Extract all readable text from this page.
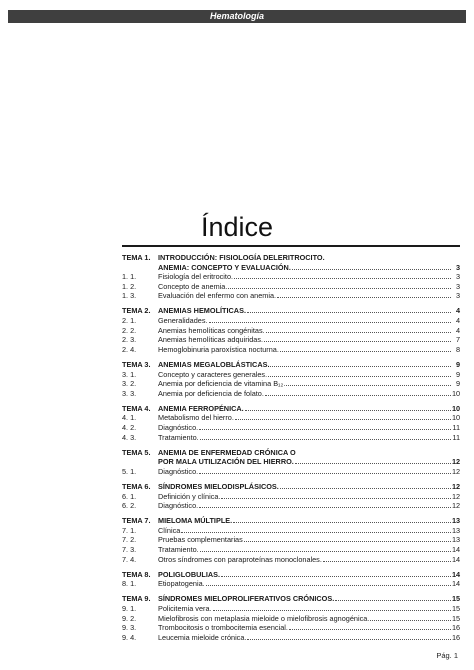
Hematología
Índice
TEMA 1.	INTRODUCCIÓN: FISIOLOGÍA DELERITROCITO.
ANEMIA: CONCEPTO Y EVALUACIÓN.	3
1. 1.	Fisiología del eritrocito.	3
1. 2.	Concepto de anemia.	3
1. 3.	Evaluación del enfermo con anemia.	3
TEMA 2.	ANEMIAS HEMOLÍTICAS.	4
2. 1.	Generalidades.	4
2. 2.	Anemias hemolíticas congénitas.	4
2. 3.	Anemias hemolíticas adquiridas.	7
2. 4.	Hemoglobinuria paroxística nocturna.	8
TEMA 3.	ANEMIAS MEGALOBLÁSTICAS.	9
3. 1.	Concepto y caracteres generales.	9
3. 2.	Anemia por deficiencia de vitamina B₁₂.	9
3. 3.	Anemia por deficiencia de folato.	10
TEMA 4.	ANEMIA FERROPÉNICA.	10
4. 1.	Metabolismo del hierro.	10
4. 2.	Diagnóstico.	11
4. 3.	Tratamiento.	11
TEMA 5.	ANEMIA DE ENFERMEDAD CRÓNICA O
POR MALA UTILIZACIÓN DEL HIERRO.	12
5. 1.	Diagnóstico.	12
TEMA 6.	SÍNDROMES MIELODISPLÁSICOS.	12
6. 1.	Definición y clínica.	12
6. 2.	Diagnóstico.	12
TEMA 7.	MIELOMA MÚLTIPLE.	13
7. 1.	Clínica	13
7. 2.	Pruebas complementarias	13
7. 3.	Tratamiento.	14
7. 4.	Otros síndromes con paraproteínas monoclonales.	14
TEMA 8.	POLIGLOBULIAS.	14
8. 1.	Etiopatogenia.	14
TEMA 9.	SÍNDROMES MIELOPROLIFERATIVOS CRÓNICOS.	15
9. 1.	Policitemia vera.	15
9. 2.	Mielofibrosis con metaplasia mieloide o mielofibrosis agnogénica.	15
9. 3.	Trombocitosis o trombocitemia esencial.	16
9. 4.	Leucemia mieloide crónica.	16
Pág. 1
